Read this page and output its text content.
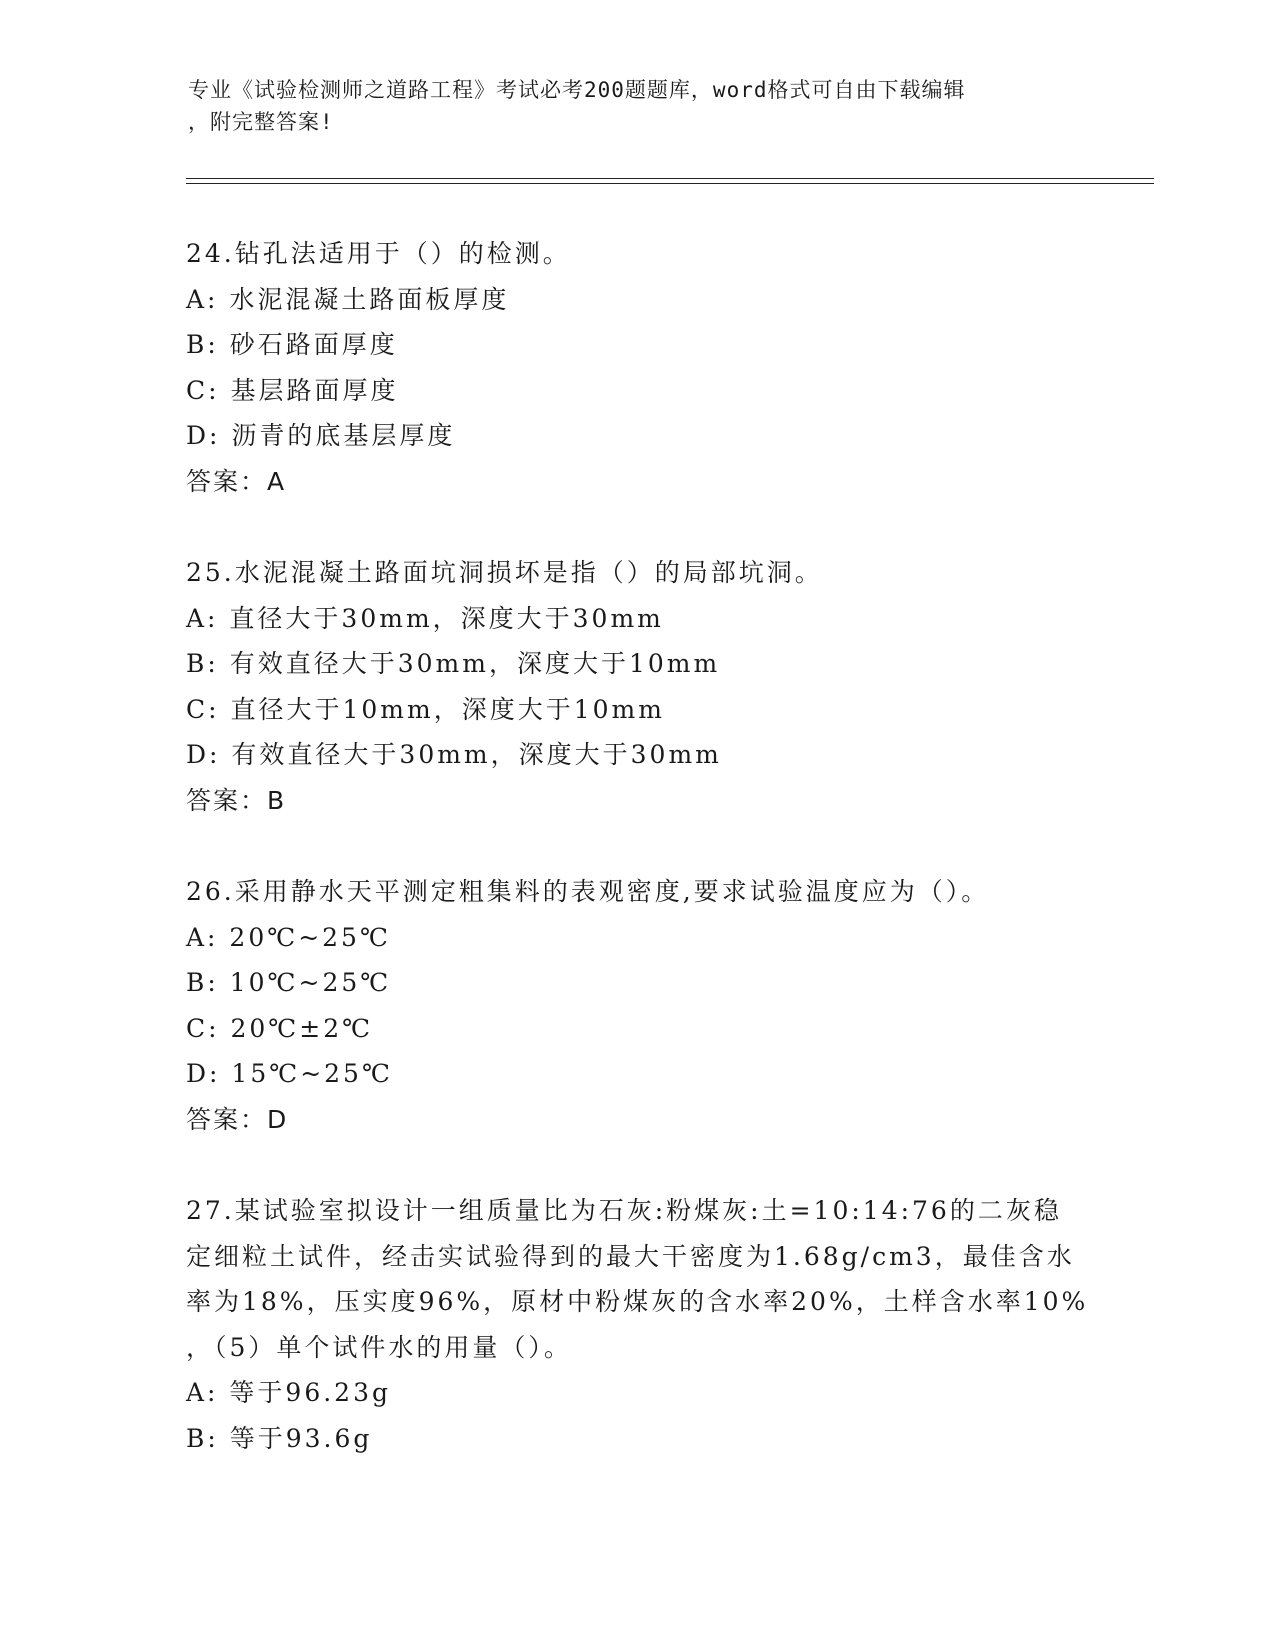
专业《试验检测师之道路工程》考试必考200题题库，word格式可自由下载编辑
，附完整答案!
24.钻孔法适用于（）的检测。
A: 水泥混凝土路面板厚度
B: 砂石路面厚度
C: 基层路面厚度
D: 沥青的底基层厚度
答案：A
25.水泥混凝土路面坑洞损坏是指（）的局部坑洞。
A: 直径大于30mm，深度大于30mm
B: 有效直径大于30mm，深度大于10mm
C: 直径大于10mm，深度大于10mm
D: 有效直径大于30mm，深度大于30mm
答案：B
26.采用静水天平测定粗集料的表观密度,要求试验温度应为（）。
A: 20℃~25℃
B: 10℃~25℃
C: 20℃±2℃
D: 15℃~25℃
答案：D
27.某试验室拟设计一组质量比为石灰:粉煤灰:土=10:14:76的二灰稳
定细粒土试件，经击实试验得到的最大干密度为1.68g/cm3，最佳含水
率为18%，压实度96%，原材中粉煤灰的含水率20%，土样含水率10%
，（5）单个试件水的用量（）。
A: 等于96.23g
B: 等于93.6g
